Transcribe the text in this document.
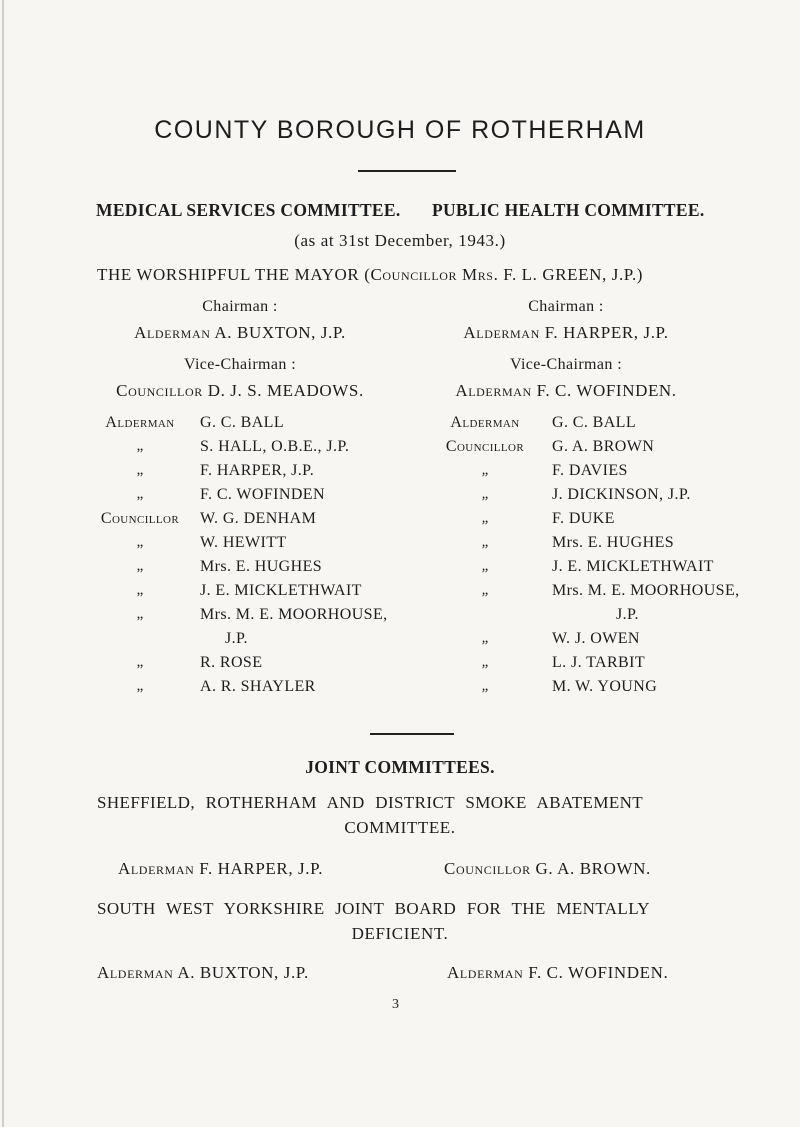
COUNTY BOROUGH OF ROTHERHAM
MEDICAL SERVICES COMMITTEE. PUBLIC HEALTH COMMITTEE.
(as at 31st December, 1943.)
THE WORSHIPFUL THE MAYOR (Councillor Mrs. F. L. GREEN, J.P.)
Chairman :
Alderman A. BUXTON, J.P.
Vice-Chairman :
Councillor D. J. S. MEADOWS.
Chairman :
Alderman F. HARPER, J.P.
Vice-Chairman :
Alderman F. C. WOFINDEN.
Alderman	G. C. BALL
„	S. HALL, O.B.E., J.P.
„	F. HARPER, J.P.
„	F. C. WOFINDEN
Councillor	W. G. DENHAM
„	W. HEWITT
„	Mrs. E. HUGHES
„	J. E. MICKLETHWAIT
„	Mrs. M. E. MOORHOUSE,
J.P.
„	R. ROSE
„	A. R. SHAYLER
Alderman	G. C. BALL
Councillor	G. A. BROWN
„	F. DAVIES
„	J. DICKINSON, J.P.
„	F. DUKE
„	Mrs. E. HUGHES
„	J. E. MICKLETHWAIT
„	Mrs. M. E. MOORHOUSE,
J.P.
„	W. J. OWEN
„	L. J. TARBIT
„	M. W. YOUNG
JOINT COMMITTEES.
SHEFFIELD, ROTHERHAM AND DISTRICT SMOKE ABATEMENT
COMMITTEE.
Alderman F. HARPER, J.P.	Councillor G. A. BROWN.
SOUTH WEST YORKSHIRE JOINT BOARD FOR THE MENTALLY
DEFICIENT.
Alderman A. BUXTON, J.P.	Alderman F. C. WOFINDEN.
3
